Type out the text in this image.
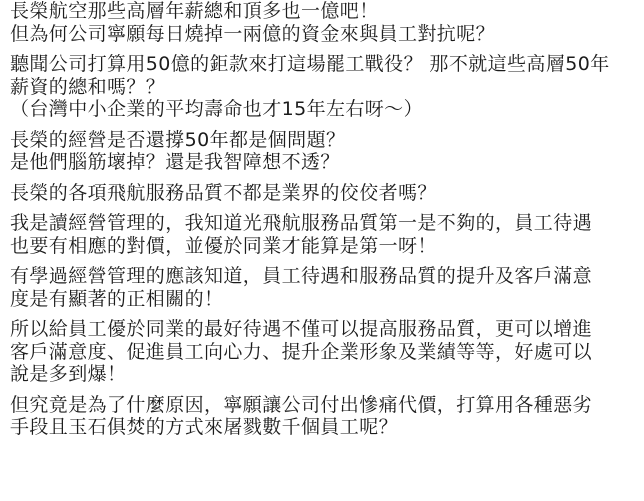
長榮航空那些高層年薪總和頂多也一億吧！
但為何公司寧願每日燒掉一兩億的資金來與員工對抗呢？
聽聞公司打算用50億的鉅款來打這場罷工戰役？ 那不就這些高層50年
薪資的總和嗎？？
（台灣中小企業的平均壽命也才15年左右呀～）
長榮的經營是否還撐50年都是個問題？
是他們腦筋壞掉？還是我智障想不透？
長榮的各項飛航服務品質不都是業界的佼佼者嗎？
我是讀經營管理的，我知道光飛航服務品質第一是不夠的，員工待遇
也要有相應的對價，並優於同業才能算是第一呀！
有學過經營管理的應該知道，員工待遇和服務品質的提升及客戶滿意
度是有顯著的正相關的！
所以給員工優於同業的最好待遇不僅可以提高服務品質，更可以增進
客戶滿意度、促進員工向心力、提升企業形象及業績等等，好處可以
說是多到爆！
但究竟是為了什麼原因，寧願讓公司付出慘痛代價，打算用各種惡劣
手段且玉石俱焚的方式來屠戮數千個員工呢？
